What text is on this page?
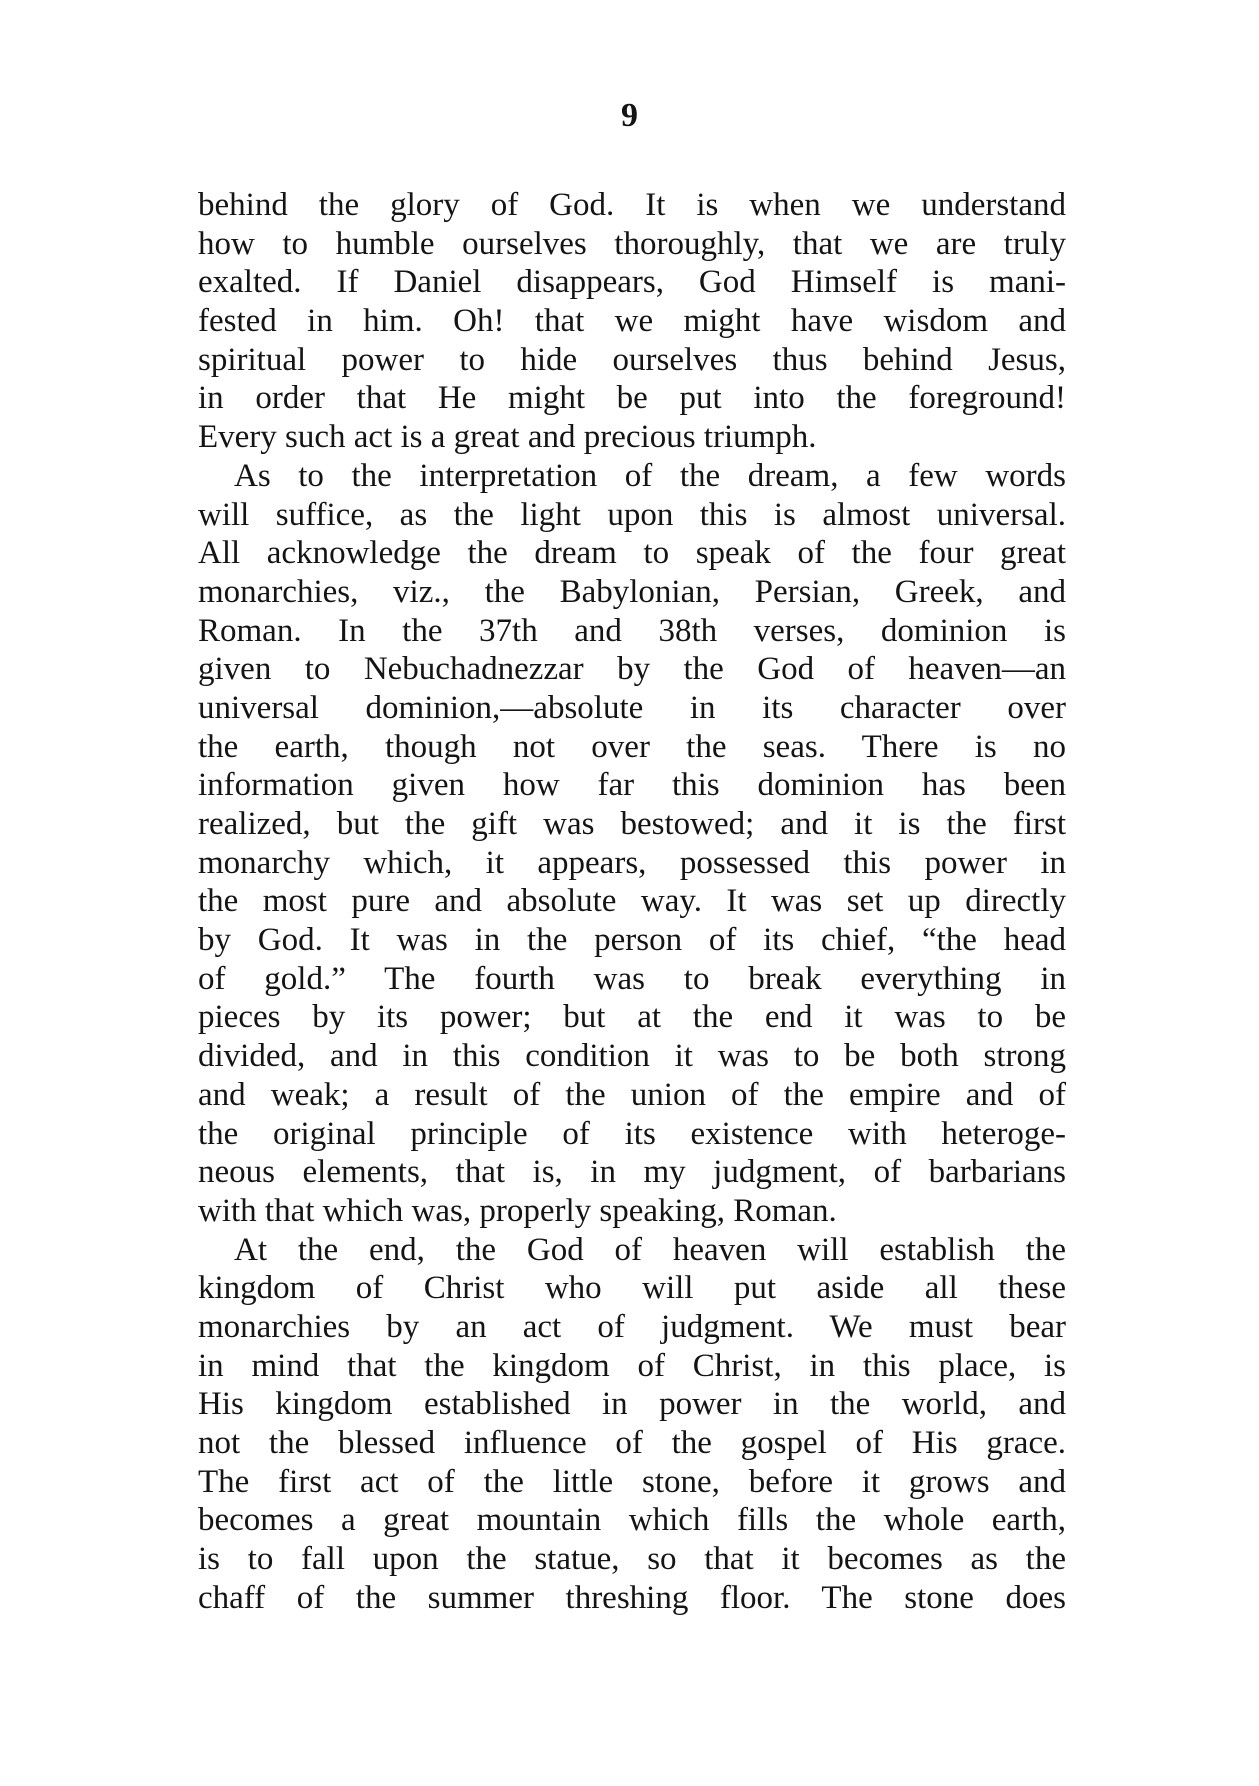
9
behind the glory of God. It is when we understand
how to humble ourselves thoroughly, that we are truly
exalted. If Daniel disappears, God Himself is mani-
fested in him. Oh! that we might have wisdom and
spiritual power to hide ourselves thus behind Jesus,
in order that He might be put into the foreground!
Every such act is a great and precious triumph.
As to the interpretation of the dream, a few words
will suffice, as the light upon this is almost universal.
All acknowledge the dream to speak of the four great
monarchies, viz., the Babylonian, Persian, Greek, and
Roman. In the 37th and 38th verses, dominion is
given to Nebuchadnezzar by the God of heaven—an
universal dominion,—absolute in its character over
the earth, though not over the seas. There is no
information given how far this dominion has been
realized, but the gift was bestowed; and it is the first
monarchy which, it appears, possessed this power in
the most pure and absolute way. It was set up directly
by God. It was in the person of its chief, “the head
of gold.” The fourth was to break everything in
pieces by its power; but at the end it was to be
divided, and in this condition it was to be both strong
and weak; a result of the union of the empire and of
the original principle of its existence with heteroge-
neous elements, that is, in my judgment, of barbarians
with that which was, properly speaking, Roman.
At the end, the God of heaven will establish the
kingdom of Christ who will put aside all these
monarchies by an act of judgment. We must bear
in mind that the kingdom of Christ, in this place, is
His kingdom established in power in the world, and
not the blessed influence of the gospel of His grace.
The first act of the little stone, before it grows and
becomes a great mountain which fills the whole earth,
is to fall upon the statue, so that it becomes as the
chaff of the summer threshing floor. The stone does
